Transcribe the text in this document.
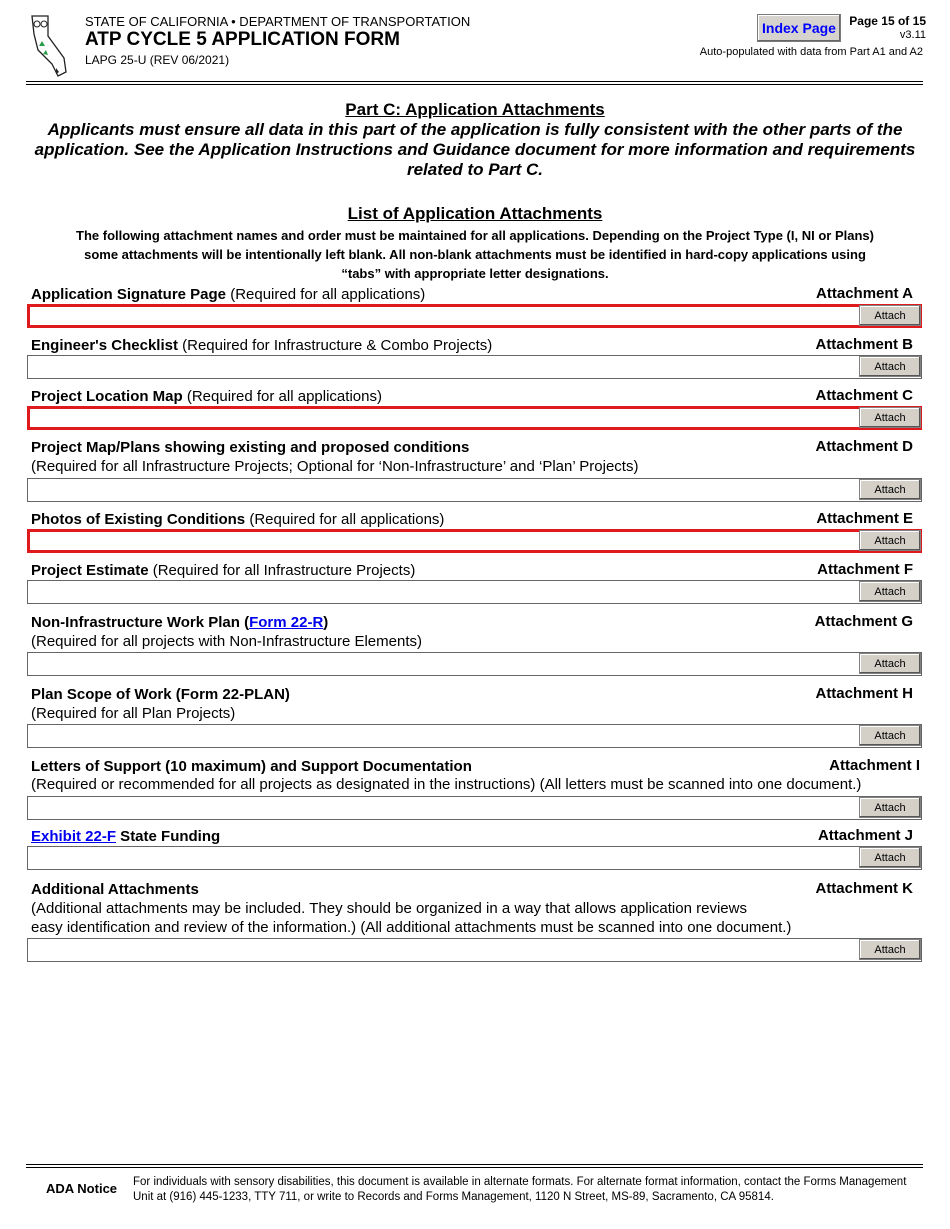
STATE OF CALIFORNIA • DEPARTMENT OF TRANSPORTATION
ATP CYCLE 5 APPLICATION FORM
LAPG 25-U (REV 06/2021)
Index Page	Page 15 of 15
v3.11
Auto-populated with data from Part A1 and A2
Part C: Application Attachments
Applicants must ensure all data in this part of the application is fully consistent with the other parts of the application. See the Application Instructions and Guidance document for more information and requirements related to Part C.
List of Application Attachments
The following attachment names and order must be maintained for all applications. Depending on the Project Type (I, NI or Plans)
some attachments will be intentionally left blank. All non-blank attachments must be identified in hard-copy applications using
“tabs” with appropriate letter designations.
Application Signature Page (Required for all applications)	Attachment A
Attach
Engineer's Checklist (Required for Infrastructure & Combo Projects)	Attachment B
Attach
Project Location Map (Required for all applications)	Attachment C
Attach
Project Map/Plans showing existing and proposed conditions	Attachment D
(Required for all Infrastructure Projects; Optional for ‘Non-Infrastructure’ and ‘Plan’ Projects)
Attach
Photos of Existing Conditions (Required for all applications)	Attachment E
Attach
Project Estimate (Required for all Infrastructure Projects)	Attachment F
Attach
Non-Infrastructure Work Plan (Form 22-R)	Attachment G
(Required for all projects with Non-Infrastructure Elements)
Attach
Plan Scope of Work (Form 22-PLAN)	Attachment H
(Required for all Plan Projects)
Attach
Letters of Support (10 maximum) and Support Documentation	Attachment I
(Required or recommended for all projects as designated in the instructions) (All letters must be scanned into one document.)
Attach
Exhibit 22-F State Funding	Attachment J
Attach
Additional Attachments	Attachment K
(Additional attachments may be included. They should be organized in a way that allows application reviews
easy identification and review of the information.) (All additional attachments must be scanned into one document.)
Attach
ADA Notice For individuals with sensory disabilities, this document is available in alternate formats. For alternate format information, contact the Forms Management Unit at (916) 445-1233, TTY 711, or write to Records and Forms Management, 1120 N Street, MS-89, Sacramento, CA 95814.
